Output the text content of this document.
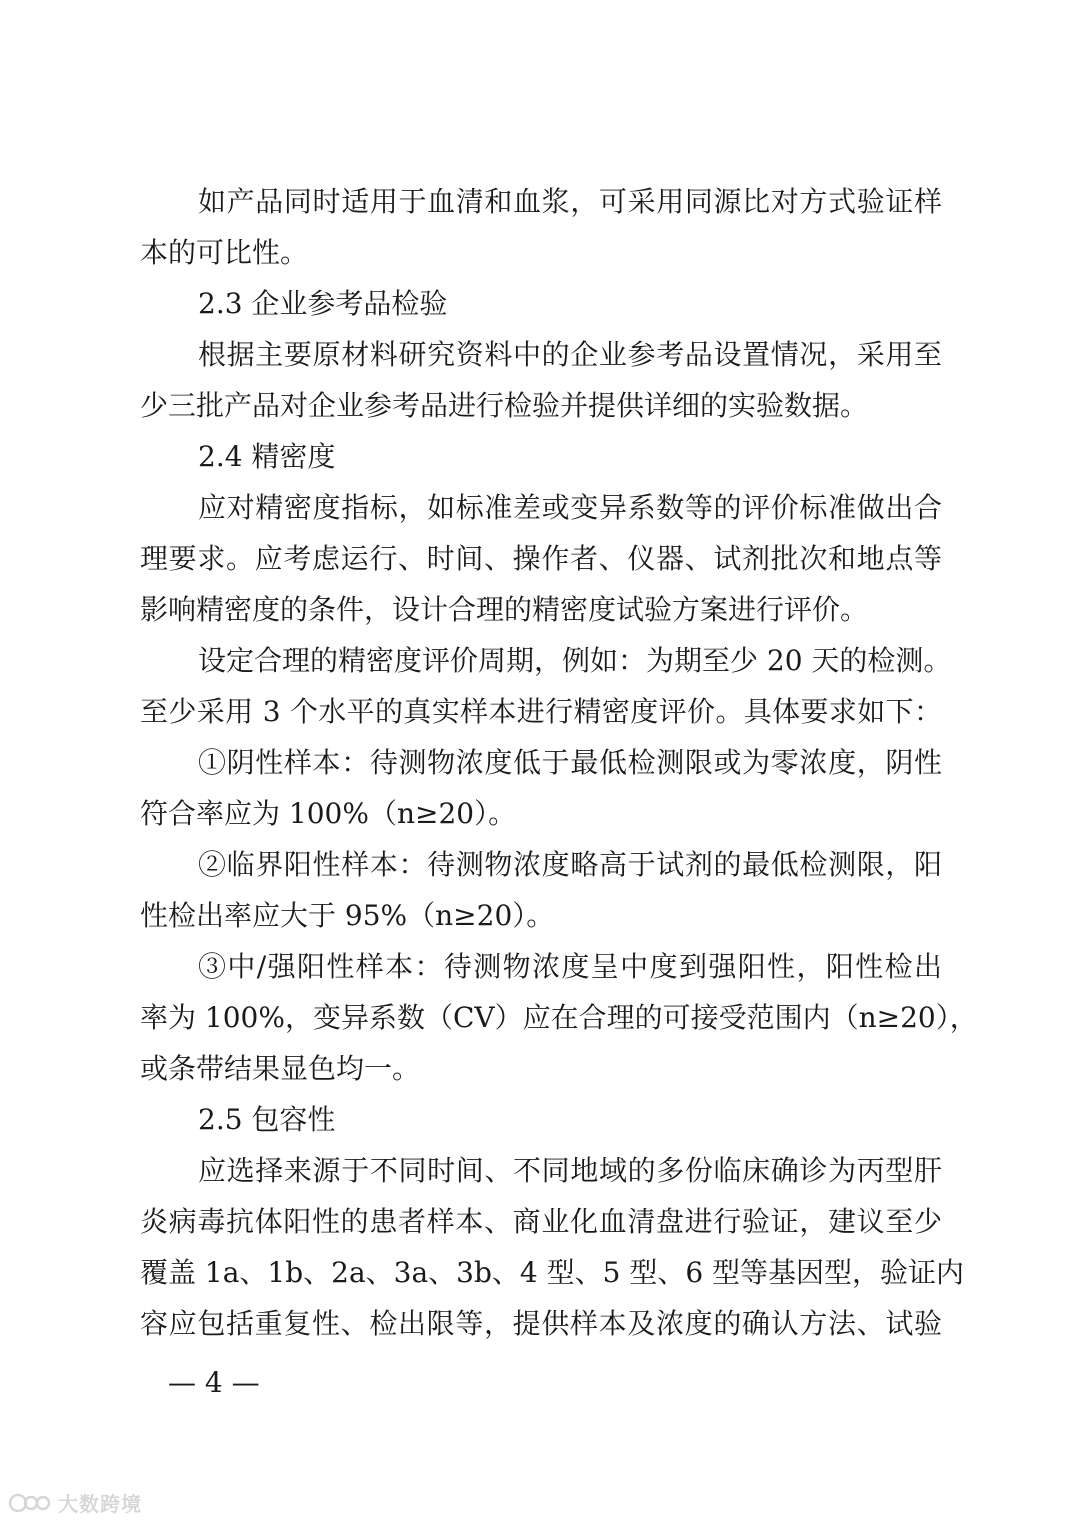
如产品同时适用于血清和血浆，可采用同源比对方式验证样
本的可比性。
2.3 企业参考品检验
根据主要原材料研究资料中的企业参考品设置情况，采用至
少三批产品对企业参考品进行检验并提供详细的实验数据。
2.4 精密度
应对精密度指标，如标准差或变异系数等的评价标准做出合
理要求。应考虑运行、时间、操作者、仪器、试剂批次和地点等
影响精密度的条件，设计合理的精密度试验方案进行评价。
设定合理的精密度评价周期，例如：为期至少 20 天的检测。
至少采用 3 个水平的真实样本进行精密度评价。具体要求如下：
①阴性样本：待测物浓度低于最低检测限或为零浓度，阴性
符合率应为 100%（n≥20）。
②临界阳性样本：待测物浓度略高于试剂的最低检测限，阳
性检出率应大于 95%（n≥20）。
③中/强阳性样本：待测物浓度呈中度到强阳性，阳性检出
率为 100%，变异系数（CV）应在合理的可接受范围内（n≥20），
或条带结果显色均一。
2.5 包容性
应选择来源于不同时间、不同地域的多份临床确诊为丙型肝
炎病毒抗体阳性的患者样本、商业化血清盘进行验证，建议至少
覆盖 1a、1b、2a、3a、3b、4 型、5 型、6 型等基因型，验证内
容应包括重复性、检出限等，提供样本及浓度的确认方法、试验
— 4 —
大数跨境
